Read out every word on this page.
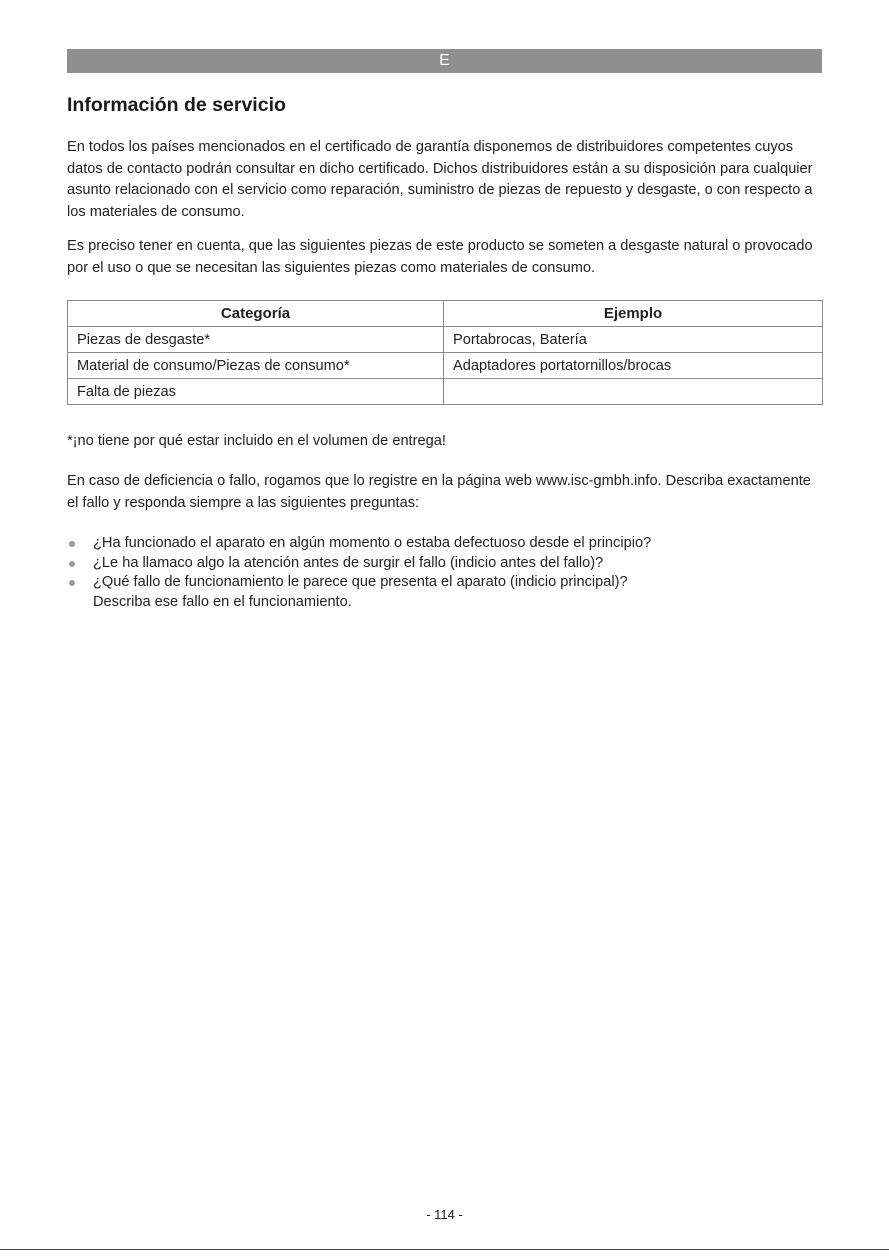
E
Información de servicio

En todos los países mencionados en el certificado de garantía disponemos de distribuidores competentes cuyos datos de contacto podrán consultar en dicho certificado. Dichos distribuidores están a su disposición para cualquier asunto relacionado con el servicio como reparación, suministro de piezas de repuesto y desgaste, o con respecto a los materiales de consumo.

Es preciso tener en cuenta, que las siguientes piezas de este producto se someten a desgaste natural o provocado por el uso o que se necesitan las siguientes piezas como materiales de consumo.

Categoría	Ejemplo
Piezas de desgaste*	Portabrocas, Batería
Material de consumo/Piezas de consumo*	Adaptadores portatornillos/brocas
Falta de piezas	

*¡no tiene por qué estar incluido en el volumen de entrega!

En caso de deficiencia o fallo, rogamos que lo registre en la página web www.isc-gmbh.info. Describa exactamente el fallo y responda siempre a las siguientes preguntas:

¿Ha funcionado el aparato en algún momento o estaba defectuoso desde el principio?
¿Le ha llamaco algo la atención antes de surgir el fallo (indicio antes del fallo)?
¿Qué fallo de funcionamiento le parece que presenta el aparato (indicio principal)?
Describa ese fallo en el funcionamiento.
- 114 -
